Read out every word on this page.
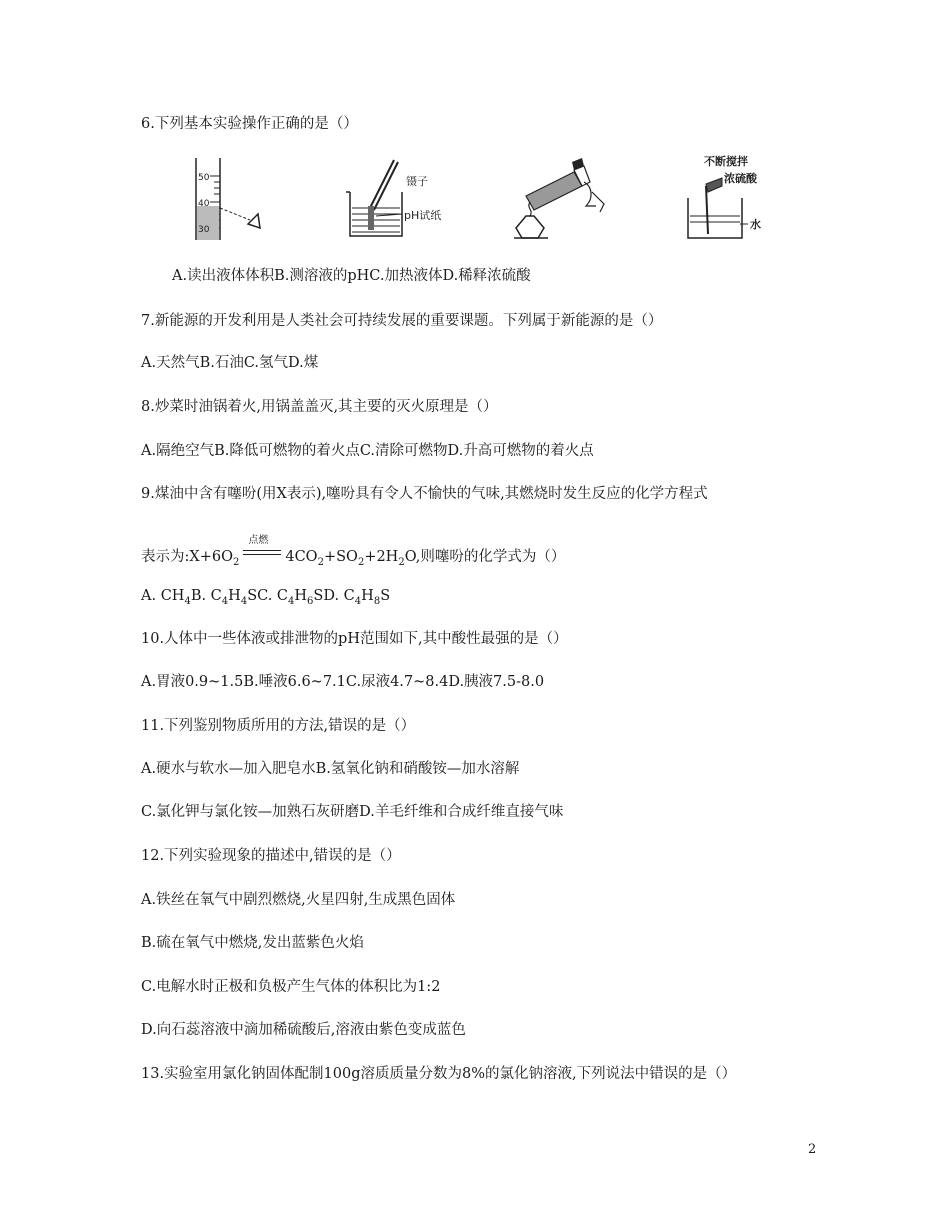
6.下列基本实验操作正确的是（）
50
40
30
镊子
pH试纸
不断搅拌
浓硫酸
水
A.读出液体体积B.测溶液的pHC.加热液体D.稀释浓硫酸
7.新能源的开发利用是人类社会可持续发展的重要课题。下列属于新能源的是（）
A.天然气B.石油C.氢气D.煤
8.炒菜时油锅着火,用锅盖盖灭,其主要的灭火原理是（）
A.隔绝空气B.降低可燃物的着火点C.清除可燃物D.升高可燃物的着火点
9.煤油中含有噻吩(用X表示),噻吩具有令人不愉快的气味,其燃烧时发生反应的化学方程式
表示为$:X+6O_2$
点燃
$4CO_2+SO_2+2H_2O$,则噻吩的化学式为（）
A. $CH_4B$. $C_4H_4SC$. $C_4H_6SD$. $C_4H_8S$
10.人体中一些体液或排泄物的pH范围如下,其中酸性最强的是（）
A.胃液0.9~1.5B.唾液6.6~7.1C.尿液4.7~8.4D.胰液7.5-8.0
11.下列鉴别物质所用的方法,错误的是（）
A.硬水与软水—加入肥皂水B.氢氧化钠和硝酸铵—加水溶解
C.氯化钾与氯化铵—加熟石灰研磨D.羊毛纤维和合成纤维直接气味
12.下列实验现象的描述中,错误的是（）
A.铁丝在氧气中剧烈燃烧,火星四射,生成黑色固体
B.硫在氧气中燃烧,发出蓝紫色火焰
C.电解水时正极和负极产生气体的体积比为1:2
D.向石蕊溶液中滴加稀硫酸后,溶液由紫色变成蓝色
13.实验室用氯化钠固体配制100g溶质质量分数为8%的氯化钠溶液,下列说法中错误的是（）
2
